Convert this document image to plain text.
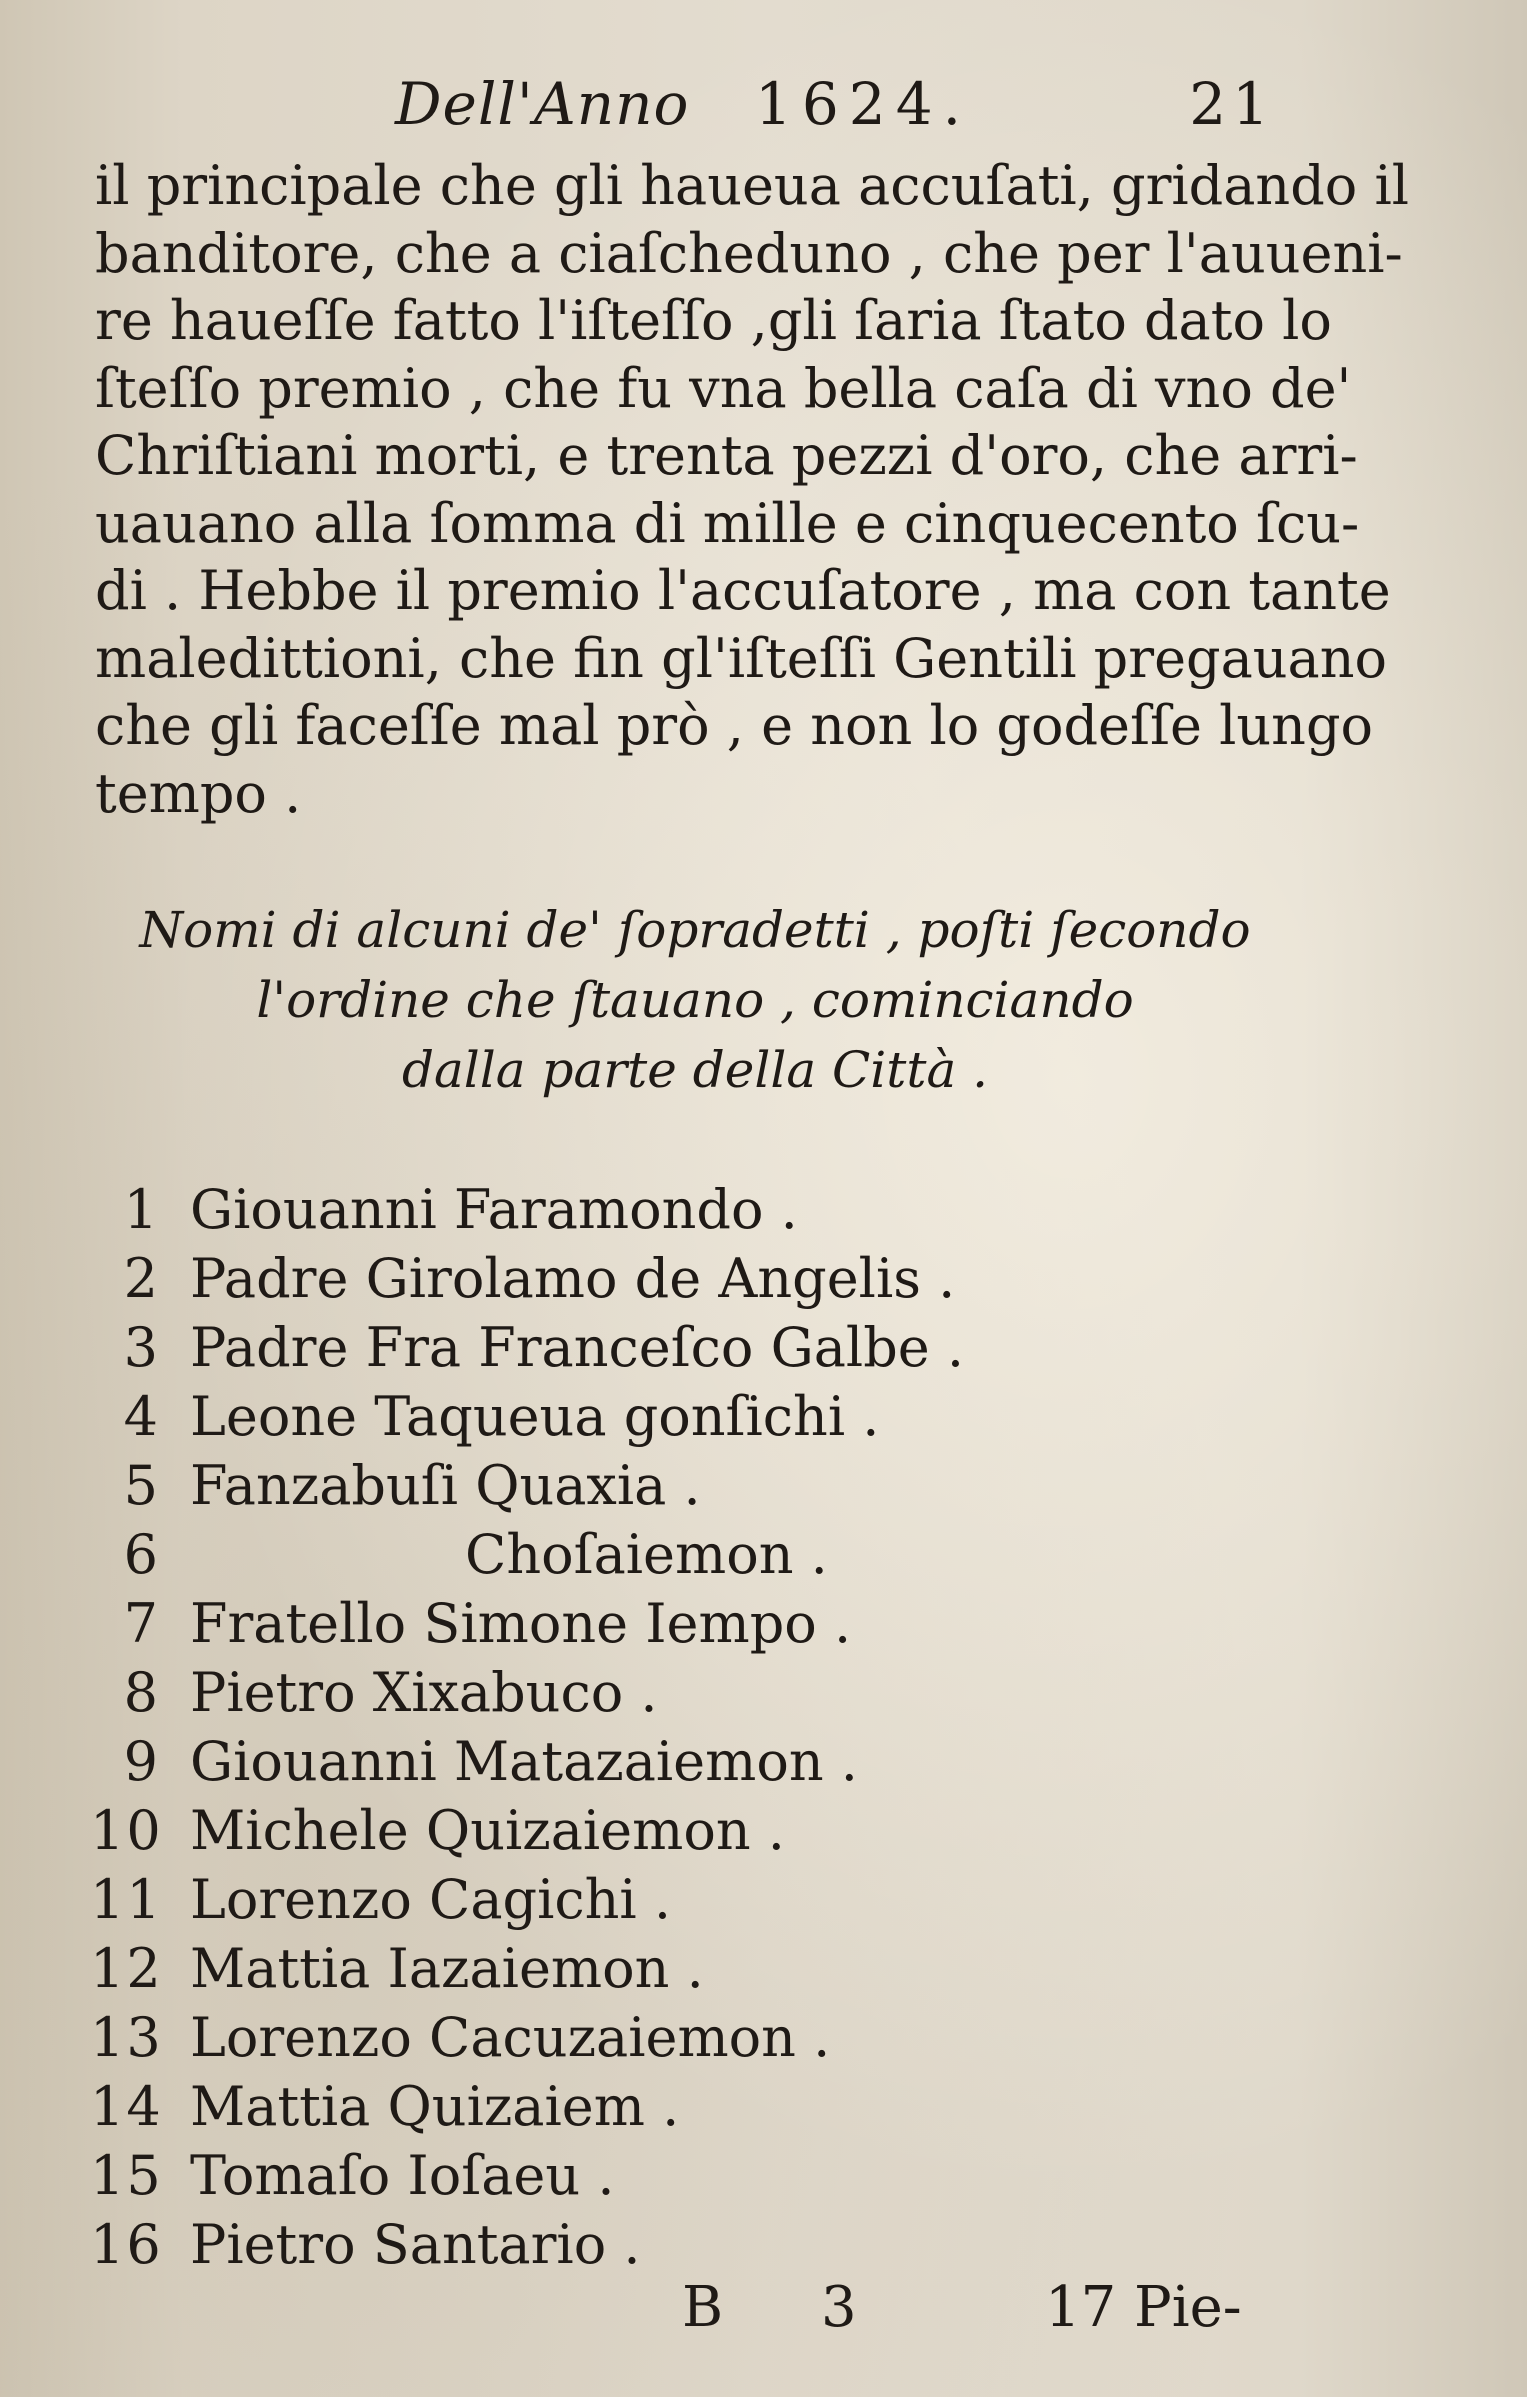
Dell'Anno 1624.	21
il principale che gli haueua accuſati, gridando il
banditore, che a ciaſcheduno , che per l'auueni-
re haueſſe fatto l'iſteſſo ,gli ſaria ſtato dato lo
ſteſſo premio , che fu vna bella caſa di vno de'
Chriſtiani morti, e trenta pezzi d'oro, che arri-
uauano alla ſomma di mille e cinquecento ſcu-
di . Hebbe il premio l'accuſatore , ma con tante
maledittioni, che fin gl'iſteſſi Gentili pregauano
che gli faceſſe mal prò , e non lo godeſſe lungo
tempo .
Nomi di alcuni de' ſopradetti , poſti ſecondo
l'ordine che ſtauano , cominciando
dalla parte della Città .
1 Giouanni Faramondo .
2 Padre Girolamo de Angelis .
3 Padre Fra Franceſco Galbe .
4 Leone Taqueua gonſichi .
5 Fanzabuſi Quaxia .
6	Choſaiemon .
7 Fratello Simone Iempo .
8 Pietro Xixabuco .
9 Giouanni Matazaiemon .
10 Michele Quizaiemon .
11 Lorenzo Cagichi .
12 Mattia Iazaiemon .
13 Lorenzo Cacuzaiemon .
14 Mattia Quizaiem .
15 Tomaſo Ioſaeu .
16 Pietro Santario .
B 3	17 Pie-
